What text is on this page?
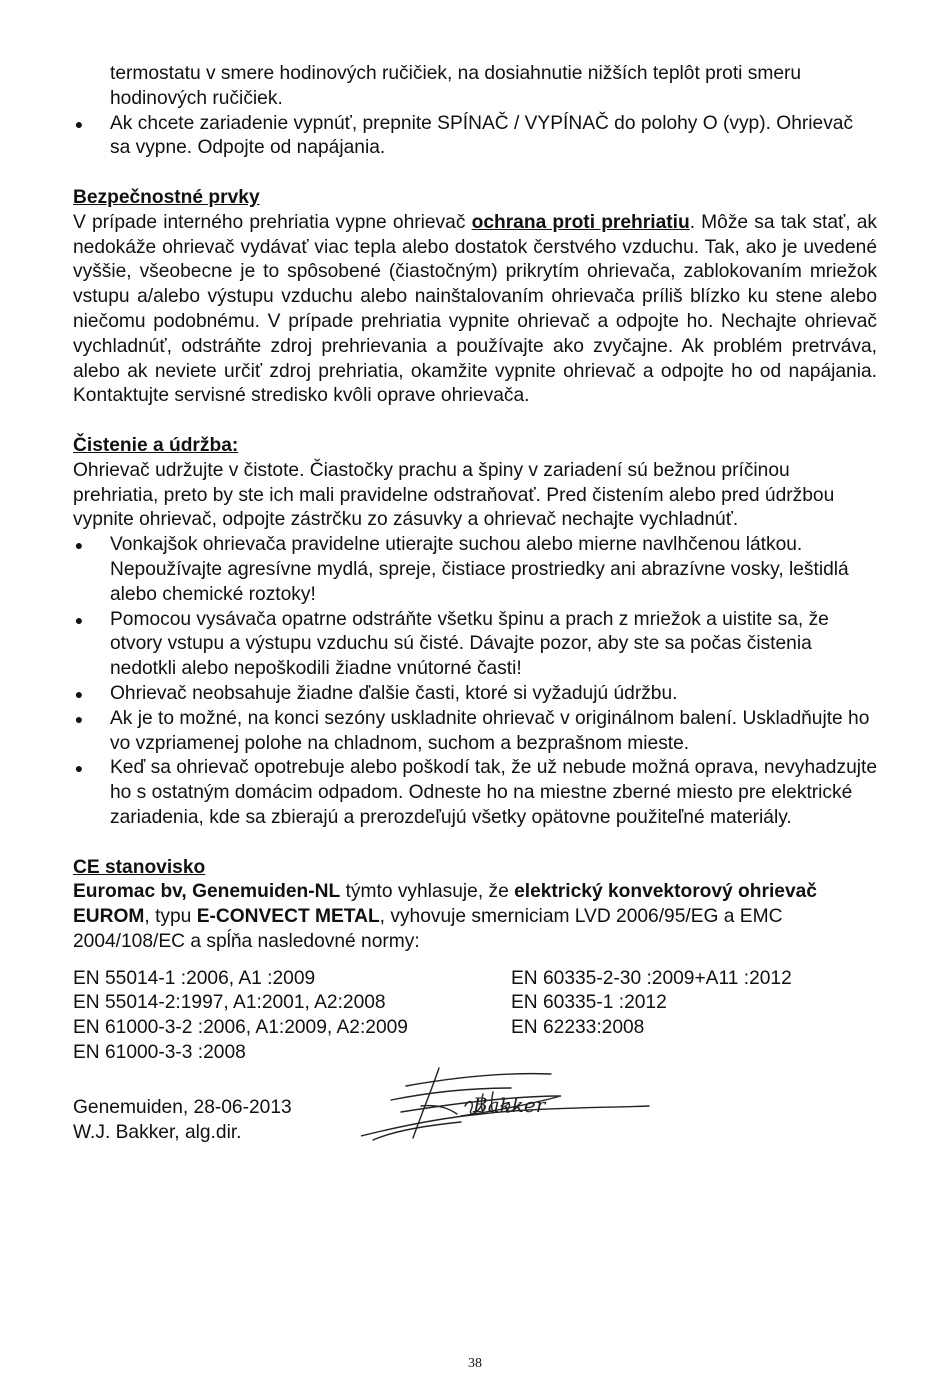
termostatu v smere hodinových ručičiek, na dosiahnutie nižších teplôt proti smeru hodinových ručičiek.

● Ak chcete zariadenie vypnúť, prepnite SPÍNAČ / VYPÍNAČ do polohy O (vyp). Ohrievač sa vypne. Odpojte od napájania.

Bezpečnostné prvky

V prípade interného prehriatia vypne ohrievač ochrana proti prehriatiu. Môže sa tak stať, ak nedokáže ohrievač vydávať viac tepla alebo dostatok čerstvého vzduchu. Tak, ako je uvedené vyššie, všeobecne je to spôsobené (čiastočným) prikrytím ohrievača, zablokovaním mriežok vstupu a/alebo výstupu vzduchu alebo nainštalovaním ohrievača príliš blízko ku stene alebo niečomu podobnému. V prípade prehriatia vypnite ohrievač a odpojte ho. Nechajte ohrievač vychladnúť, odstráňte zdroj prehrievania a používajte ako zvyčajne. Ak problém pretrváva, alebo ak neviete určiť zdroj prehriatia, okamžite vypnite ohrievač a odpojte ho od napájania. Kontaktujte servisné stredisko kvôli oprave ohrievača.

Čistenie a údržba:

Ohrievač udržujte v čistote. Čiastočky prachu a špiny v zariadení sú bežnou príčinou prehriatia, preto by ste ich mali pravidelne odstraňovať. Pred čistením alebo pred údržbou vypnite ohrievač, odpojte zástrčku zo zásuvky a ohrievač nechajte vychladnúť.

● Vonkajšok ohrievača pravidelne utierajte suchou alebo mierne navlhčenou látkou. Nepoužívajte agresívne mydlá, spreje, čistiace prostriedky ani abrazívne vosky, leštidlá alebo chemické roztoky!
● Pomocou vysávača opatrne odstráňte všetku špinu a prach z mriežok a uistite sa, že otvory vstupu a výstupu vzduchu sú čisté. Dávajte pozor, aby ste sa počas čistenia nedotkli alebo nepoškodili žiadne vnútorné časti!
● Ohrievač neobsahuje žiadne ďalšie časti, ktoré si vyžadujú údržbu.
● Ak je to možné, na konci sezóny uskladnite ohrievač v originálnom balení. Uskladňujte ho vo vzpriamenej polohe na chladnom, suchom a bezprašnom mieste.
● Keď sa ohrievač opotrebuje alebo poškodí tak, že už nebude možná oprava, nevyhadzujte ho s ostatným domácim odpadom. Odneste ho na miestne zberné miesto pre elektrické zariadenia, kde sa zbierajú a prerozdeľujú všetky opätovne použiteľné materiály.

CE stanovisko

Euromac bv, Genemuiden-NL týmto vyhlasuje, že elektrický konvektorový ohrievač EUROM, typu E-CONVECT METAL, vyhovuje smerniciam LVD 2006/95/EG a EMC 2004/108/EC a spĺňa nasledovné normy:

EN 55014-1 :2006, A1 :2009
EN 55014-2:1997, A1:2001, A2:2008
EN 61000-3-2 :2006, A1:2009, A2:2009
EN 61000-3-3 :2008
EN 60335-2-30 :2009+A11 :2012
EN 60335-1 :2012
EN 62233:2008

Genemuiden, 28-06-2013

W.J. Bakker, alg.dir.

Bakker
38
